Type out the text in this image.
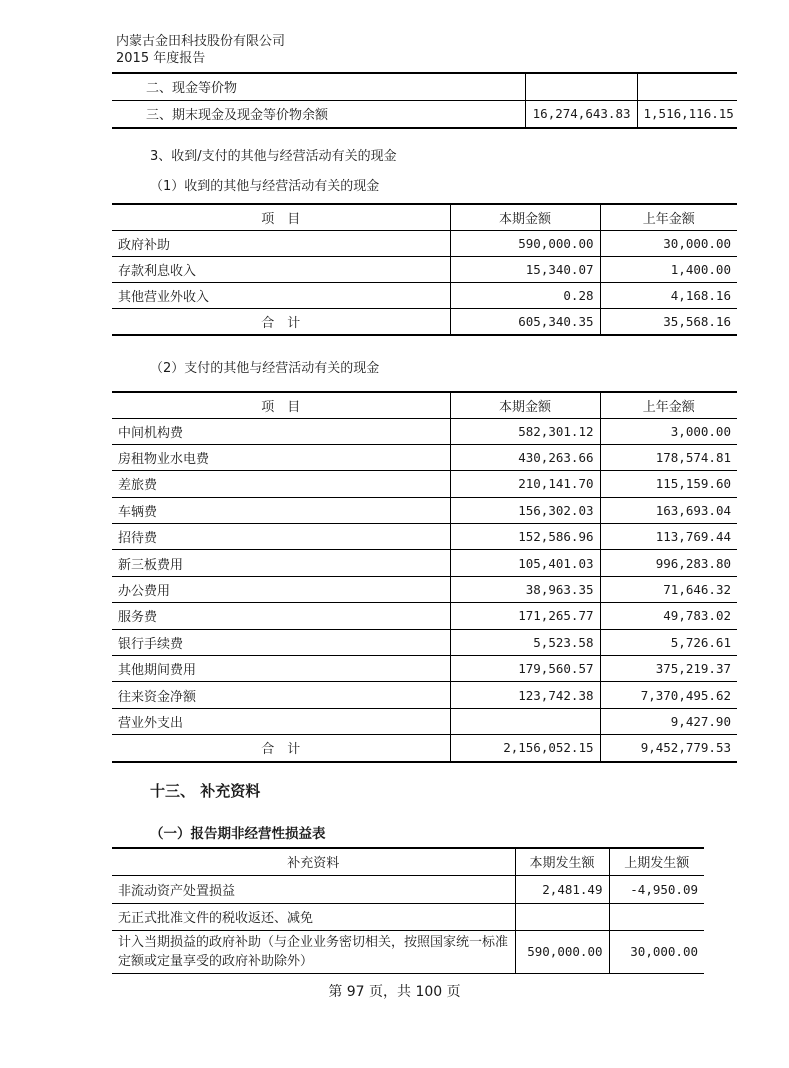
内蒙古金田科技股份有限公司
2015 年度报告
二、现金等价物		
三、期末现金及现金等价物余额	16,274,643.83	1,516,116.15
3、收到/支付的其他与经营活动有关的现金
（1）收到的其他与经营活动有关的现金
项　目	本期金额	上年金额
政府补助	590,000.00	30,000.00
存款利息收入	15,340.07	1,400.00
其他营业外收入	0.28	4,168.16
合　计	605,340.35	35,568.16
（2）支付的其他与经营活动有关的现金
项　目	本期金额	上年金额
中间机构费	582,301.12	3,000.00
房租物业水电费	430,263.66	178,574.81
差旅费	210,141.70	115,159.60
车辆费	156,302.03	163,693.04
招待费	152,586.96	113,769.44
新三板费用	105,401.03	996,283.80
办公费用	38,963.35	71,646.32
服务费	171,265.77	49,783.02
银行手续费	5,523.58	5,726.61
其他期间费用	179,560.57	375,219.37
往来资金净额	123,742.38	7,370,495.62
营业外支出		9,427.90
合　计	2,156,052.15	9,452,779.53
十三、 补充资料
（一）报告期非经营性损益表
补充资料	本期发生额	上期发生额
非流动资产处置损益	2,481.49	-4,950.09
无正式批准文件的税收返还、减免		
计入当期损益的政府补助（与企业业务密切相关，按照国家统一标准定额或定量享受的政府补助除外）	590,000.00	30,000.00
第 97 页，共 100 页
